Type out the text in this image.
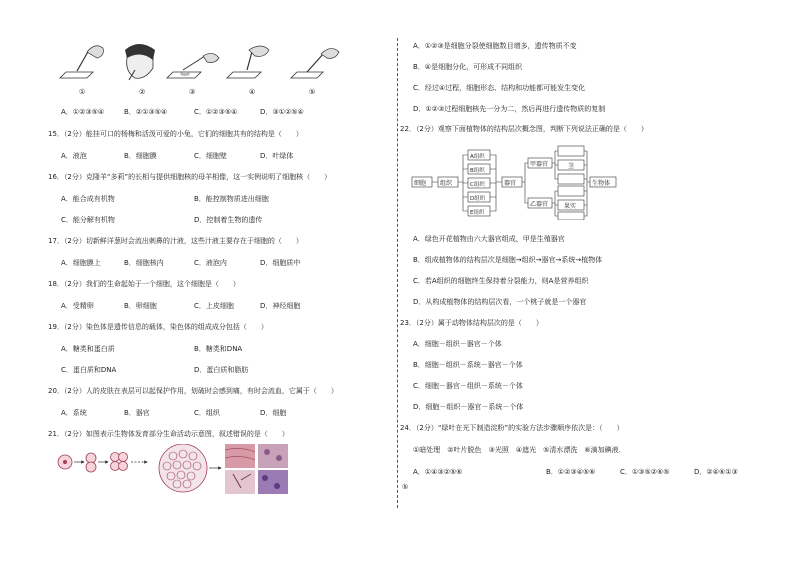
①	②	③	④	⑤
A．①②③⑤④	B．②①③⑤④	C．①②③⑤④	D．③①②⑤④
15．（2分）能挂可口的杨梅和活泼可爱的小兔，它们的细胞共有的结构是（　　）
A．液泡	B．细胞膜	C．细胞壁	D．叶绿体
16．（2分）克隆羊“多莉”的长相与提供细胞核的母羊相像，这一实例说明了细胞核（　　）
A．能合成有机物	B．能控制物质进出细胞
C．能分解有机物	D．控制着生物的遗传
17．（2分）切新鲜洋葱时会流出刺鼻的汁液，这些汁液主要存在于细胞的（　　）
A．细胞膜上	B．细胞核内	C．液泡内	D．细胞质中
18．（2分）我们的生命起始于一个细胞，这个细胞是（　　）
A．受精卵	B．卵细胞	C．上皮细胞	D．神经细胞
19．（2分）染色体是遗传信息的载体，染色体的组成成分包括（　　）
A．糖类和蛋白质	B．糖类和DNA
C．蛋白质和DNA	D．蛋白质和脂肪
20．（2分）人的皮肤在表层可以起保护作用，划破时会感到痛，有时会流血，它属于（　　）
A．系统	B．器官	C．组织	D．细胞
21．（2分）如图表示生物体发育部分生命活动示意图，叙述错误的是（　　）
A．①②③是细胞分裂使细胞数目增多，遗传物质不变
B．④是细胞分化，可形成不同组织
C．经过④过程，细胞形态、结构和功能都可能发生变化
D．①②③过程细胞核先一分为二，然后再进行遗传物质的复制
22．（2分）观察下面植物体的结构层次概念图，判断下列说法正确的是（　　）
细胞 组织
A组织
B组织
C组织
D组织
E组织
器官
甲器官
乙器官
茎
果实
生物体
A．绿色开花植物由六大器官组成，甲是生殖器官
B．组成植物体的结构层次是细胞→组织→器官→系统→植物体
C．若A组织的细胞终生保持着分裂能力，则A是营养组织
D．从构成植物体的结构层次看，一个桃子就是一个器官
23．（2分）属于动物体结构层次的是（　　）
A．细胞－组织－器官－个体
B．细胞－组织－系统－器官－个体
C．细胞－器官－组织－系统－个体
D．细胞－组织－器官－系统－个体
24．（2分）“绿叶在光下制造淀粉”的实验方法步骤顺序依次是：（　　）
①暗处理　②叶片脱色　③光照　④遮光　⑤清水漂洗　⑥滴加碘液．
A．①④③②⑤⑥	B．①②③④⑤⑥	C．①③⑤②⑥⑤	D．②④⑥①③
⑤
